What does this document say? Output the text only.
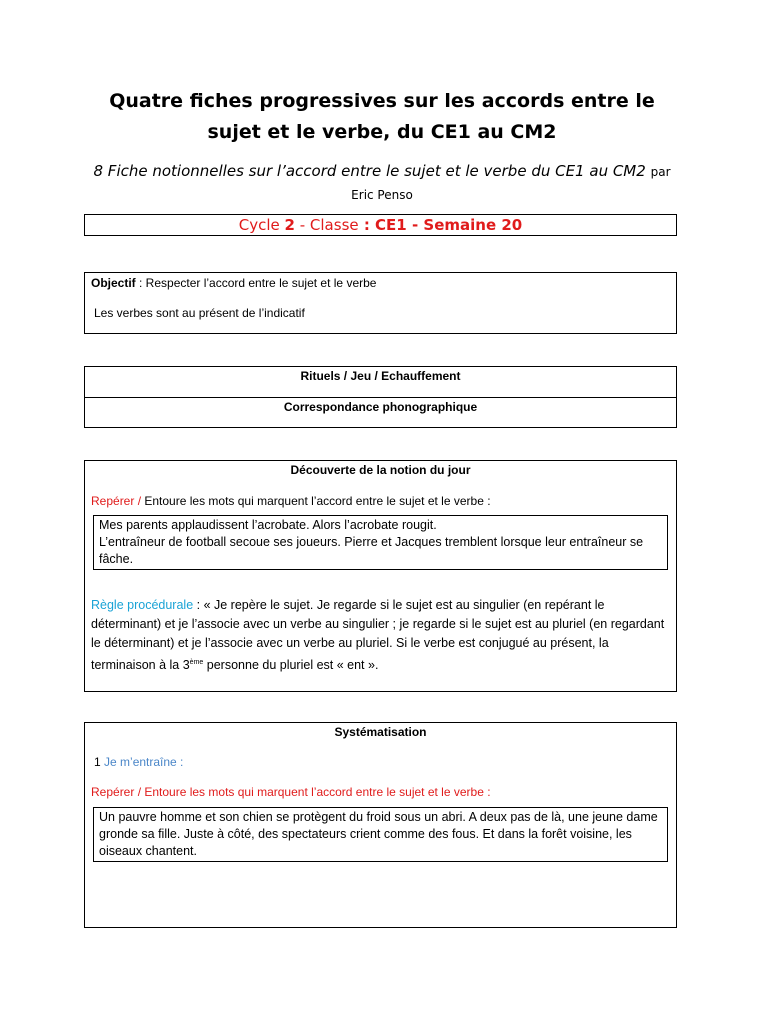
Quatre fiches progressives sur les accords entre le sujet et le verbe, du CE1 au CM2
8 Fiche notionnelles sur l’accord entre le sujet et le verbe du CE1 au CM2 par Eric Penso
Cycle 2 - Classe : CE1 - Semaine 20

Objectif : Respecter l’accord entre le sujet et le verbe

Les verbes sont au présent de l’indicatif

Rituels / Jeu / Echauffement
Correspondance phonographique
Découverte de la notion du jour

Repérer / Entoure les mots qui marquent l’accord entre le sujet et le verbe :

Mes parents applaudissent l’acrobate. Alors l’acrobate rougit.
L’entraîneur de football secoue ses joueurs. Pierre et Jacques tremblent lorsque leur entraîneur se fâche.

Règle procédurale : « Je repère le sujet. Je regarde si le sujet est au singulier (en repérant le déterminant) et je l’associe avec un verbe au singulier ; je regarde si le sujet est au pluriel (en regardant le déterminant) et je l’associe avec un verbe au pluriel. Si le verbe est conjugué au présent, la terminaison à la 3ème personne du pluriel est « ent ».

Systématisation

1 Je m’entraîne :

Repérer / Entoure les mots qui marquent l’accord entre le sujet et le verbe :

Un pauvre homme et son chien se protègent du froid sous un abri. A deux pas de là, une jeune dame gronde sa fille. Juste à côté, des spectateurs crient comme des fous. Et dans la forêt voisine, les oiseaux chantent.
